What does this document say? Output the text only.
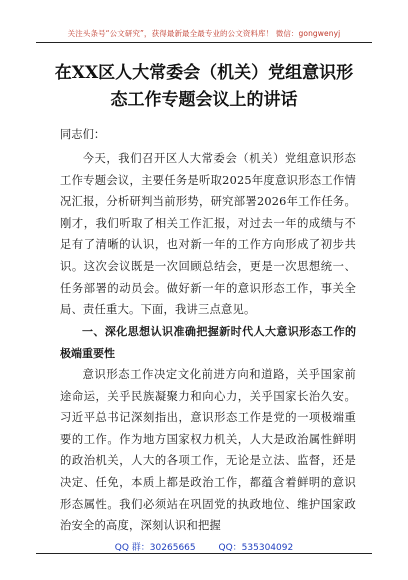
关注头条号“公文研究”，获得最新最全最专业的公文资料库！ 微信：gongwenyj
在XX区人大常委会（机关）党组意识形态工作专题会议上的讲话

同志们：

今天，我们召开区人大常委会（机关）党组意识形态工作专题会议，主要任务是听取2025年度意识形态工作情况汇报，分析研判当前形势，研究部署2026年工作任务。刚才，我们听取了相关工作汇报，对过去一年的成绩与不足有了清晰的认识，也对新一年的工作方向形成了初步共识。这次会议既是一次回顾总结会，更是一次思想统一、任务部署的动员会。做好新一年的意识形态工作，事关全局、责任重大。下面，我讲三点意见。

一、深化思想认识准确把握新时代人大意识形态工作的极端重要性

意识形态工作决定文化前进方向和道路，关乎国家前途命运，关乎民族凝聚力和向心力，关乎国家长治久安。习近平总书记深刻指出，意识形态工作是党的一项极端重要的工作。作为地方国家权力机关，人大是政治属性鲜明的政治机关，人大的各项工作，无论是立法、监督，还是决定、任免，本质上都是政治工作，都蕴含着鲜明的意识形态属性。我们必须站在巩固党的执政地位、维护国家政治安全的高度，深刻认识和把握

QQ 群：30265665	QQ：535304092
